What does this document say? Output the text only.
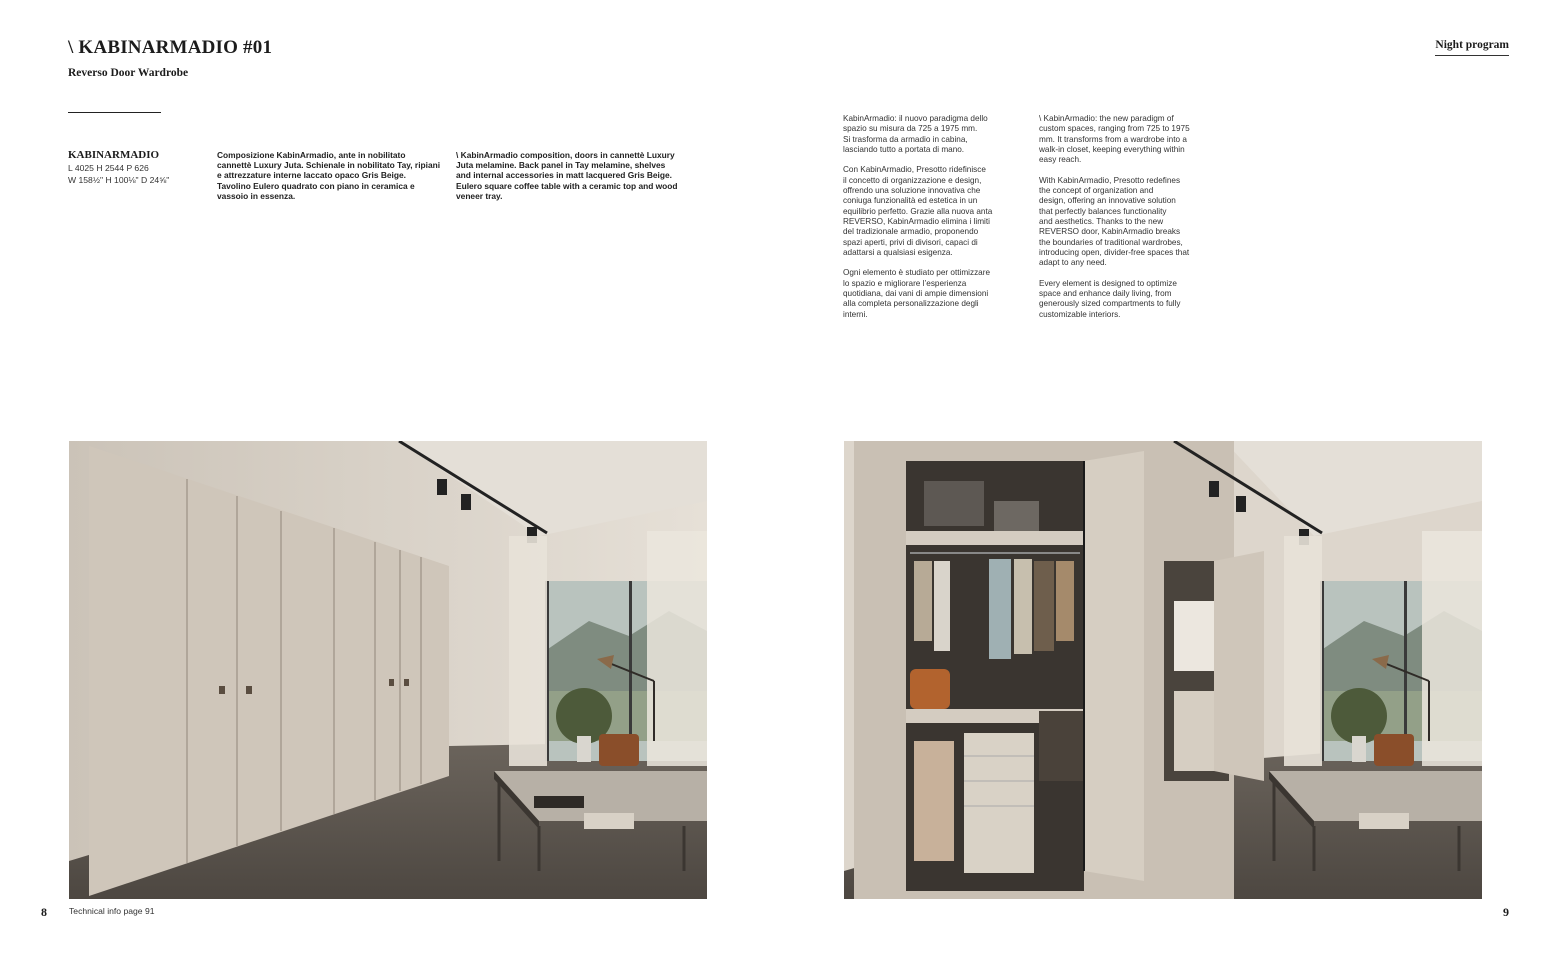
\ KABINARMADIO #01
Reverso Door Wardrobe
Night program
KABINARMADIO
L 4025 H 2544 P 626
W 158½" H 100⅛" D 24⅝"
Composizione KabinArmadio, ante in nobilitato cannettè Luxury Juta. Schienale in nobilitato Tay, ripiani e attrezzature interne laccato opaco Gris Beige. Tavolino Eulero quadrato con piano in ceramica e vassoio in essenza.
\ KabinArmadio composition, doors in cannettè Luxury Juta melamine. Back panel in Tay melamine, shelves and internal accessories in matt lacquered Gris Beige. Eulero square coffee table with a ceramic top and wood veneer tray.

KabinArmadio: il nuovo paradigma dello
spazio su misura da 725 a 1975 mm.
Si trasforma da armadio in cabina,
lasciando tutto a portata di mano.

Con KabinArmadio, Presotto ridefinisce
il concetto di organizzazione e design,
offrendo una soluzione innovativa che
coniuga funzionalità ed estetica in un
equilibrio perfetto. Grazie alla nuova anta
REVERSO, KabinArmadio elimina i limiti
del tradizionale armadio, proponendo
spazi aperti, privi di divisori, capaci di
adattarsi a qualsiasi esigenza.

Ogni elemento è studiato per ottimizzare
lo spazio e migliorare l’esperienza
quotidiana, dai vani di ampie dimensioni
alla completa personalizzazione degli
interni.

\ KabinArmadio: the new paradigm of
custom spaces, ranging from 725 to 1975
mm. It transforms from a wardrobe into a
walk-in closet, keeping everything within
easy reach.

With KabinArmadio, Presotto redefines
the concept of organization and
design, offering an innovative solution
that perfectly balances functionality
and aesthetics. Thanks to the new
REVERSO door, KabinArmadio breaks
the boundaries of traditional wardrobes,
introducing open, divider-free spaces that
adapt to any need.

Every element is designed to optimize
space and enhance daily living, from
generously sized compartments to fully
customizable interiors.

8	Technical info page 91	9
